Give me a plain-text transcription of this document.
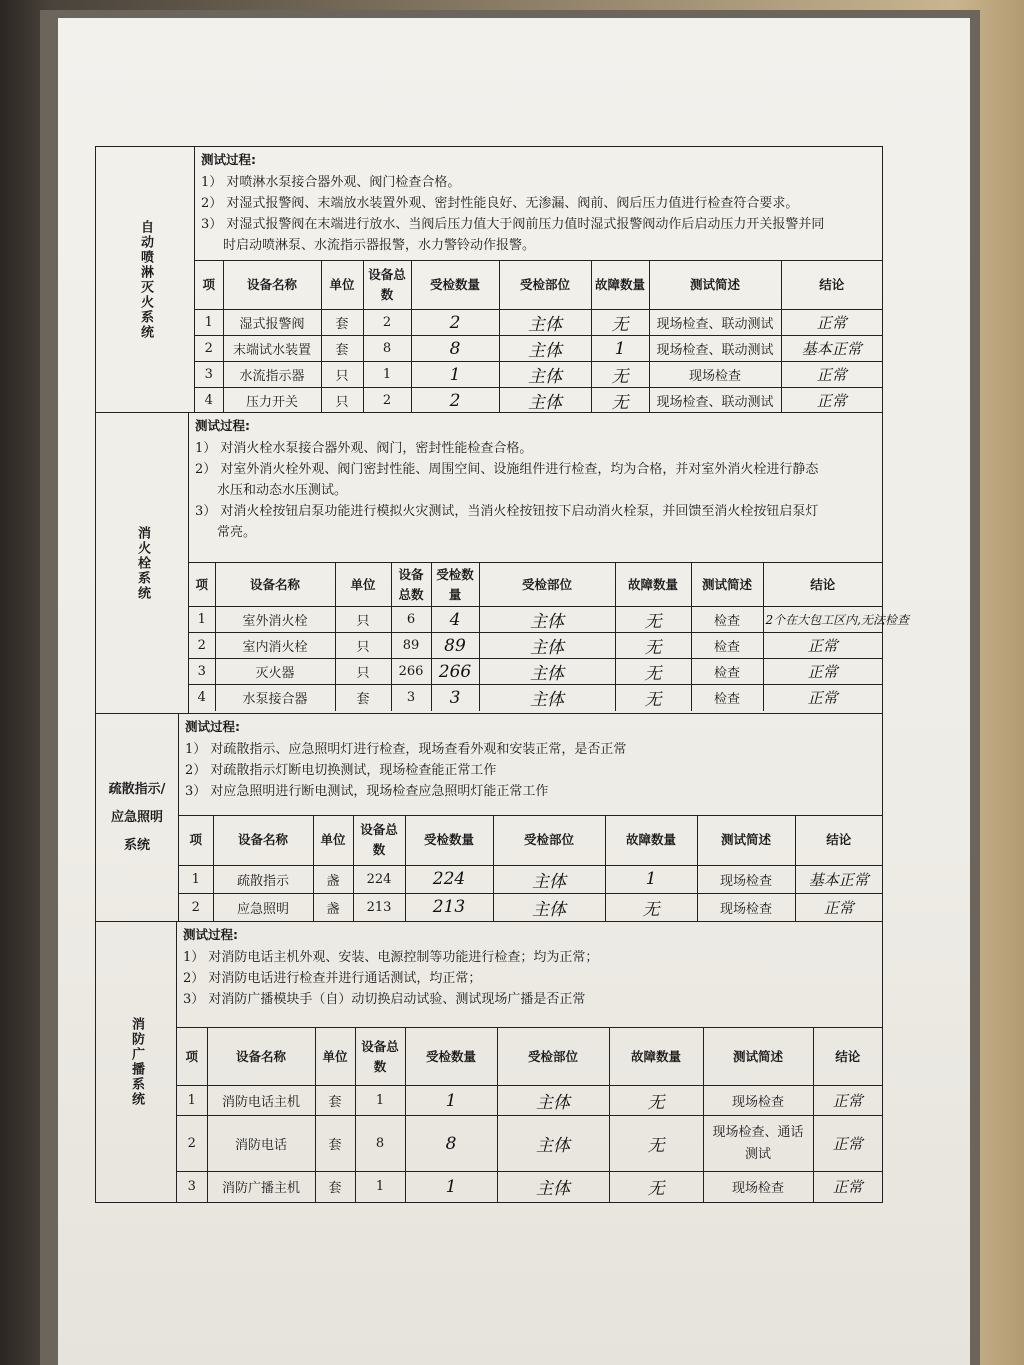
自动喷淋灭火系统
测试过程:
1） 对喷淋水泵接合器外观、阀门检查合格。
2） 对湿式报警阀、末端放水装置外观、密封性能良好、无渗漏、阀前、阀后压力值进行检查符合要求。
3） 对湿式报警阀在末端进行放水、当阀后压力值大于阀前压力值时湿式报警阀动作后启动压力开关报警并同
时启动喷淋泵、水流指示器报警，水力警铃动作报警。
项	设备名称	单位	设备总数	受检数量	受检部位	故障数量	测试简述	结论
1	湿式报警阀	套	2	2	主体	无	现场检查、联动测试	正常
2	末端试水装置	套	8	8	主体	1	现场检查、联动测试	基本正常
3	水流指示器	只	1	1	主体	无	现场检查	正常
4	压力开关	只	2	2	主体	无	现场检查、联动测试	正常
消火栓系统
测试过程:
1） 对消火栓水泵接合器外观、阀门，密封性能检查合格。
2） 对室外消火栓外观、阀门密封性能、周围空间、设施组件进行检查，均为合格，并对室外消火栓进行静态
水压和动态水压测试。
3） 对消火栓按钮启泵功能进行模拟火灾测试，当消火栓按钮按下启动消火栓泵，并回馈至消火栓按钮启泵灯
常亮。
项	设备名称	单位	设备总数	受检数量	受检部位	故障数量	测试简述	结论
1	室外消火栓	只	6	4	主体	无	检查	2个在大包工区内,无法检查
2	室内消火栓	只	89	89	主体	无	检查	正常
3	灭火器	只	266	266	主体	无	检查	正常
4	水泵接合器	套	3	3	主体	无	检查	正常
疏散指示/应急照明系统
测试过程:
1） 对疏散指示、应急照明灯进行检查，现场查看外观和安装正常，是否正常
2） 对疏散指示灯断电切换测试，现场检查能正常工作
3） 对应急照明进行断电测试，现场检查应急照明灯能正常工作
项	设备名称	单位	设备总数	受检数量	受检部位	故障数量	测试简述	结论
1	疏散指示	盏	224	224	主体	1	现场检查	基本正常
2	应急照明	盏	213	213	主体	无	现场检查	正常
消防广播系统
测试过程:
1） 对消防电话主机外观、安装、电源控制等功能进行检查；均为正常；
2） 对消防电话进行检查并进行通话测试，均正常；
3） 对消防广播模块手（自）动切换启动试验、测试现场广播是否正常
项	设备名称	单位	设备总数	受检数量	受检部位	故障数量	测试简述	结论
1	消防电话主机	套	1	1	主体	无	现场检查	正常
2	消防电话	套	8	8	主体	无	现场检查、通话测试	正常
3	消防广播主机	套	1	1	主体	无	现场检查	正常
